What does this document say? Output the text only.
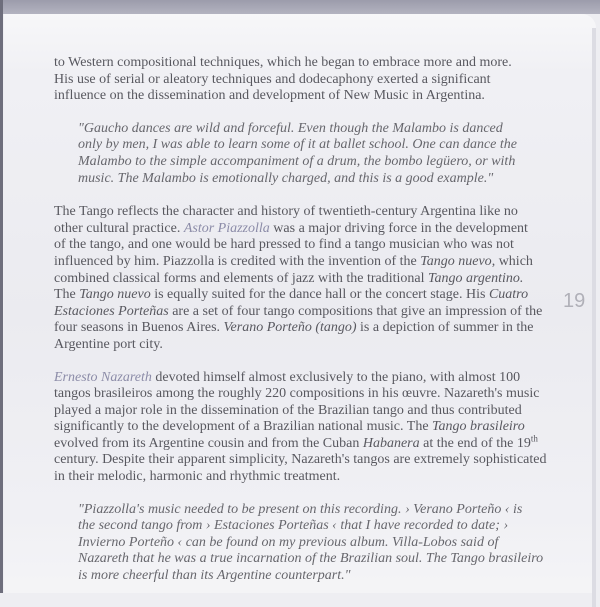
to Western compositional techniques, which he began to embrace more and more.
His use of serial or aleatory techniques and dodecaphony exerted a significant
influence on the dissemination and development of New Music in Argentina.
"Gaucho dances are wild and forceful. Even though the Malambo is danced
only by men, I was able to learn some of it at ballet school. One can dance the
Malambo to the simple accompaniment of a drum, the bombo legüero, or with
music. The Malambo is emotionally charged, and this is a good example."
The Tango reflects the character and history of twentieth-century Argentina like no
other cultural practice. Astor Piazzolla was a major driving force in the development
of the tango, and one would be hard pressed to find a tango musician who was not
influenced by him. Piazzolla is credited with the invention of the Tango nuevo, which
combined classical forms and elements of jazz with the traditional Tango argentino.
The Tango nuevo is equally suited for the dance hall or the concert stage. His Cuatro
Estaciones Porteñas are a set of four tango compositions that give an impression of the
four seasons in Buenos Aires. Verano Porteño (tango) is a depiction of summer in the
Argentine port city.
Ernesto Nazareth devoted himself almost exclusively to the piano, with almost 100
tangos brasileiros among the roughly 220 compositions in his œuvre. Nazareth's music
played a major role in the dissemination of the Brazilian tango and thus contributed
significantly to the development of a Brazilian national music. The Tango brasileiro
evolved from its Argentine cousin and from the Cuban Habanera at the end of the 19th
century. Despite their apparent simplicity, Nazareth's tangos are extremely sophisticated
in their melodic, harmonic and rhythmic treatment.
"Piazzolla's music needed to be present on this recording. › Verano Porteño ‹ is
the second tango from › Estaciones Porteñas ‹ that I have recorded to date; ›
Invierno Porteño ‹ can be found on my previous album. Villa-Lobos said of
Nazareth that he was a true incarnation of the Brazilian soul. The Tango brasileiro
is more cheerful than its Argentine counterpart."
19
